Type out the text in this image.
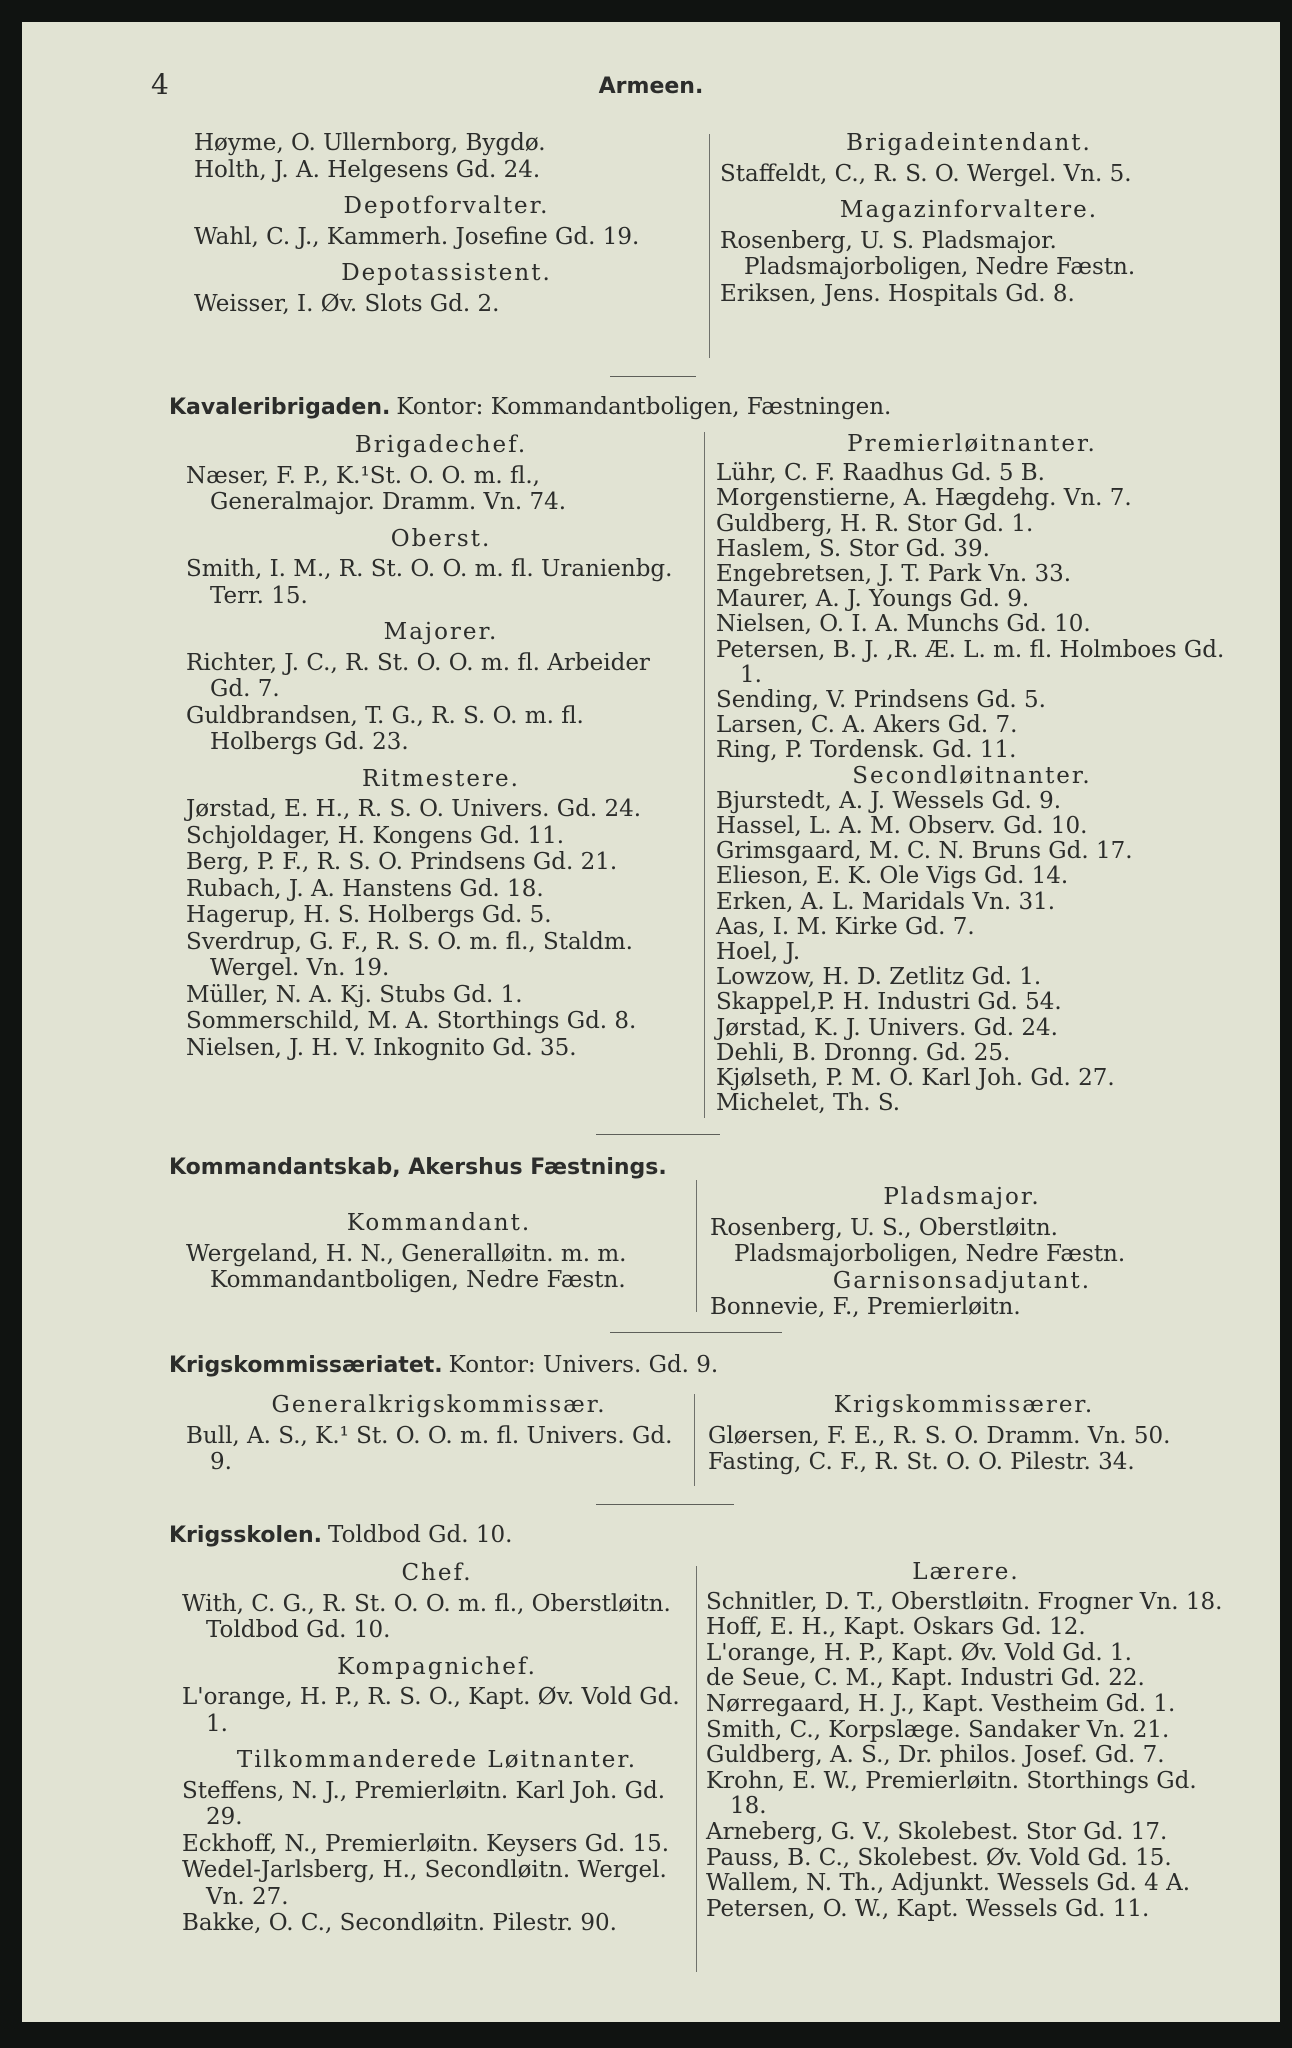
4	Armeen.
Høyme, O. Ullernborg, Bygdø.
Holth, J. A. Helgesens Gd. 24.
Depotforvalter.
Wahl, C. J., Kammerh. Josefine Gd. 19.
Depotassistent.
Weisser, I. Øv. Slots Gd. 2.
Brigadeintendant.
Staffeldt, C., R. S. O. Wergel. Vn. 5.
Magazinforvaltere.
Rosenberg, U. S. Pladsmajor. Pladsmajorboligen, Nedre Fæstn.
Eriksen, Jens. Hospitals Gd. 8.
Kavaleribrigaden. Kontor: Kommandantboligen, Fæstningen.
Brigadechef.
Næser, F. P., K.¹St. O. O. m. fl., Generalmajor. Dramm. Vn. 74.
Oberst.
Smith, I. M., R. St. O. O. m. fl. Uranienbg. Terr. 15.
Majorer.
Richter, J. C., R. St. O. O. m. fl. Arbeider Gd. 7.
Guldbrandsen, T. G., R. S. O. m. fl. Holbergs Gd. 23.
Ritmestere.
Jørstad, E. H., R. S. O. Univers. Gd. 24.
Schjoldager, H. Kongens Gd. 11.
Berg, P. F., R. S. O. Prindsens Gd. 21.
Rubach, J. A. Hanstens Gd. 18.
Hagerup, H. S. Holbergs Gd. 5.
Sverdrup, G. F., R. S. O. m. fl., Staldm. Wergel. Vn. 19.
Müller, N. A. Kj. Stubs Gd. 1.
Sommerschild, M. A. Storthings Gd. 8.
Nielsen, J. H. V. Inkognito Gd. 35.
Premierløitnanter.
Lühr, C. F. Raadhus Gd. 5 B.
Morgenstierne, A. Hægdehg. Vn. 7.
Guldberg, H. R. Stor Gd. 1.
Haslem, S. Stor Gd. 39.
Engebretsen, J. T. Park Vn. 33.
Maurer, A. J. Youngs Gd. 9.
Nielsen, O. I. A. Munchs Gd. 10.
Petersen, B. J. ,R. Æ. L. m. fl. Holmboes Gd. 1.
Sending, V. Prindsens Gd. 5.
Larsen, C. A. Akers Gd. 7.
Ring, P. Tordensk. Gd. 11.
Secondløitnanter.
Bjurstedt, A. J. Wessels Gd. 9.
Hassel, L. A. M. Observ. Gd. 10.
Grimsgaard, M. C. N. Bruns Gd. 17.
Elieson, E. K. Ole Vigs Gd. 14.
Erken, A. L. Maridals Vn. 31.
Aas, I. M. Kirke Gd. 7.
Hoel, J.
Lowzow, H. D. Zetlitz Gd. 1.
Skappel,P. H. Industri Gd. 54.
Jørstad, K. J. Univers. Gd. 24.
Dehli, B. Dronng. Gd. 25.
Kjølseth, P. M. O. Karl Joh. Gd. 27.
Michelet, Th. S.
Kommandantskab, Akershus Fæstnings.
Kommandant.
Wergeland, H. N., Generalløitn. m. m. Kommandantboligen, Nedre Fæstn.
Pladsmajor.
Rosenberg, U. S., Oberstløitn. Pladsmajorboligen, Nedre Fæstn.
Garnisonsadjutant.
Bonnevie, F., Premierløitn.
Krigskommissæriatet. Kontor: Univers. Gd. 9.
Generalkrigskommissær.
Bull, A. S., K.¹ St. O. O. m. fl. Univers. Gd. 9.
Krigskommissærer.
Gløersen, F. E., R. S. O. Dramm. Vn. 50.
Fasting, C. F., R. St. O. O. Pilestr. 34.
Krigsskolen. Toldbod Gd. 10.
Chef.
With, C. G., R. St. O. O. m. fl., Oberstløitn. Toldbod Gd. 10.
Kompagnichef.
L'orange, H. P., R. S. O., Kapt. Øv. Vold Gd. 1.
Tilkommanderede Løitnanter.
Steffens, N. J., Premierløitn. Karl Joh. Gd. 29.
Eckhoff, N., Premierløitn. Keysers Gd. 15.
Wedel-Jarlsberg, H., Secondløitn. Wergel. Vn. 27.
Bakke, O. C., Secondløitn. Pilestr. 90.
Lærere.
Schnitler, D. T., Oberstløitn. Frogner Vn. 18.
Hoff, E. H., Kapt. Oskars Gd. 12.
L'orange, H. P., Kapt. Øv. Vold Gd. 1.
de Seue, C. M., Kapt. Industri Gd. 22.
Nørregaard, H. J., Kapt. Vestheim Gd. 1.
Smith, C., Korpslæge. Sandaker Vn. 21.
Guldberg, A. S., Dr. philos. Josef. Gd. 7.
Krohn, E. W., Premierløitn. Storthings Gd. 18.
Arneberg, G. V., Skolebest. Stor Gd. 17.
Pauss, B. C., Skolebest. Øv. Vold Gd. 15.
Wallem, N. Th., Adjunkt. Wessels Gd. 4 A.
Petersen, O. W., Kapt. Wessels Gd. 11.
